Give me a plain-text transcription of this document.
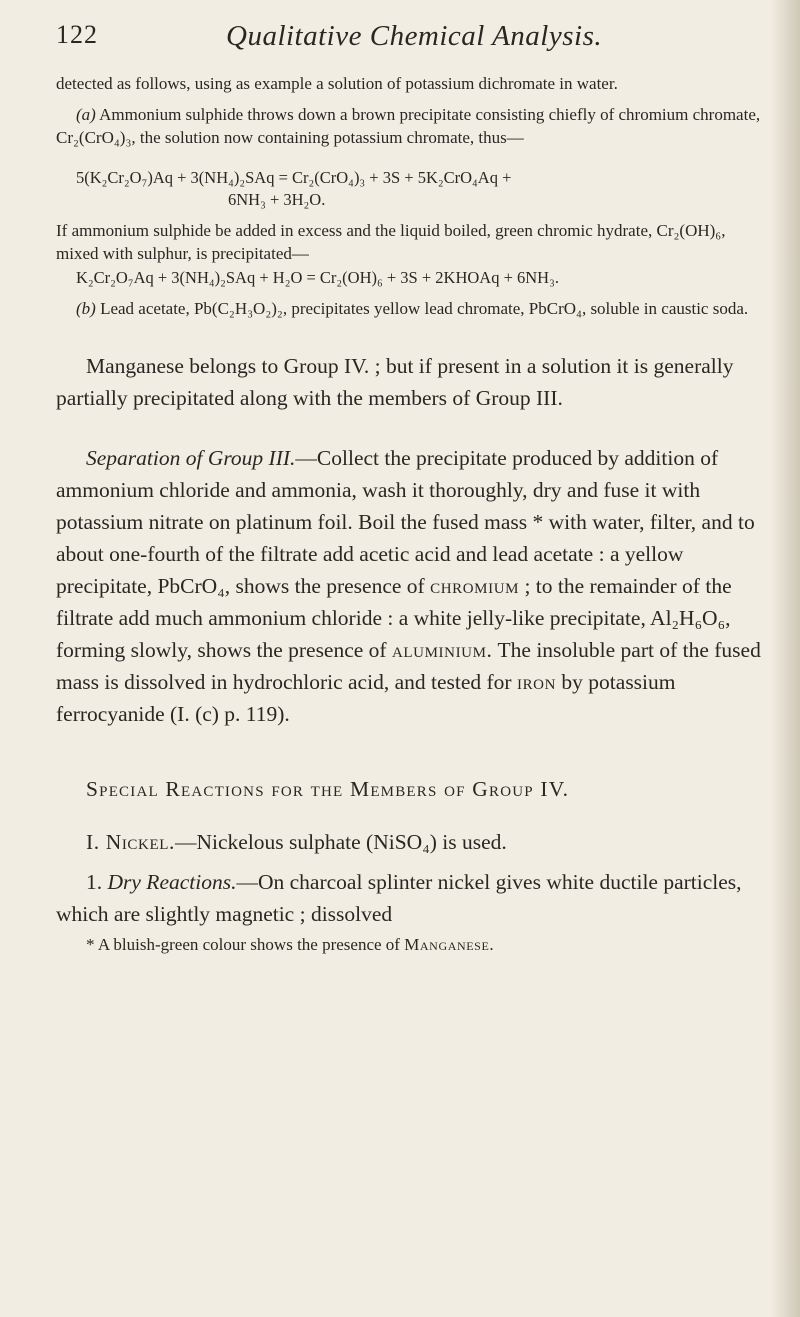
122	Qualitative Chemical Analysis.

detected as follows, using as example a solution of potassium dichromate in water.

(a) Ammonium sulphide throws down a brown precipitate consisting chiefly of chromium chromate, Cr₂(CrO₄)₃, the solution now containing potassium chromate, thus—

5(K₂Cr₂O₇)Aq + 3(NH₄)₂SAq = Cr₂(CrO₄)₃ + 3S + 5K₂CrO₄Aq +

6NH₃ + 3H₂O.

If ammonium sulphide be added in excess and the liquid boiled, green chromic hydrate, Cr₂(OH)₆, mixed with sulphur, is precipitated—

K₂Cr₂O₇Aq + 3(NH₄)₂SAq + H₂O = Cr₂(OH)₆ + 3S + 2KHOAq + 6NH₃.

(b) Lead acetate, Pb(C₂H₃O₂)₂, precipitates yellow lead chromate, PbCrO₄, soluble in caustic soda.

Manganese belongs to Group IV. ; but if present in a solution it is generally partially precipitated along with the members of Group III.

Separation of Group III.—Collect the precipitate produced by addition of ammonium chloride and ammonia, wash it thoroughly, dry and fuse it with potassium nitrate on platinum foil. Boil the fused mass * with water, filter, and to about one-fourth of the filtrate add acetic acid and lead acetate : a yellow precipitate, PbCrO₄, shows the presence of chromium ; to the remainder of the filtrate add much ammonium chloride : a white jelly-like precipitate, Al₂H₆O₆, forming slowly, shows the presence of aluminium. The insoluble part of the fused mass is dissolved in hydrochloric acid, and tested for iron by potassium ferrocyanide (I. (c) p. 119).

Special Reactions for the Members of Group IV.

I. Nickel.—Nickelous sulphate (NiSO₄) is used.

1. Dry Reactions.—On charcoal splinter nickel gives white ductile particles, which are slightly magnetic ; dissolved

* A bluish-green colour shows the presence of Manganese.
